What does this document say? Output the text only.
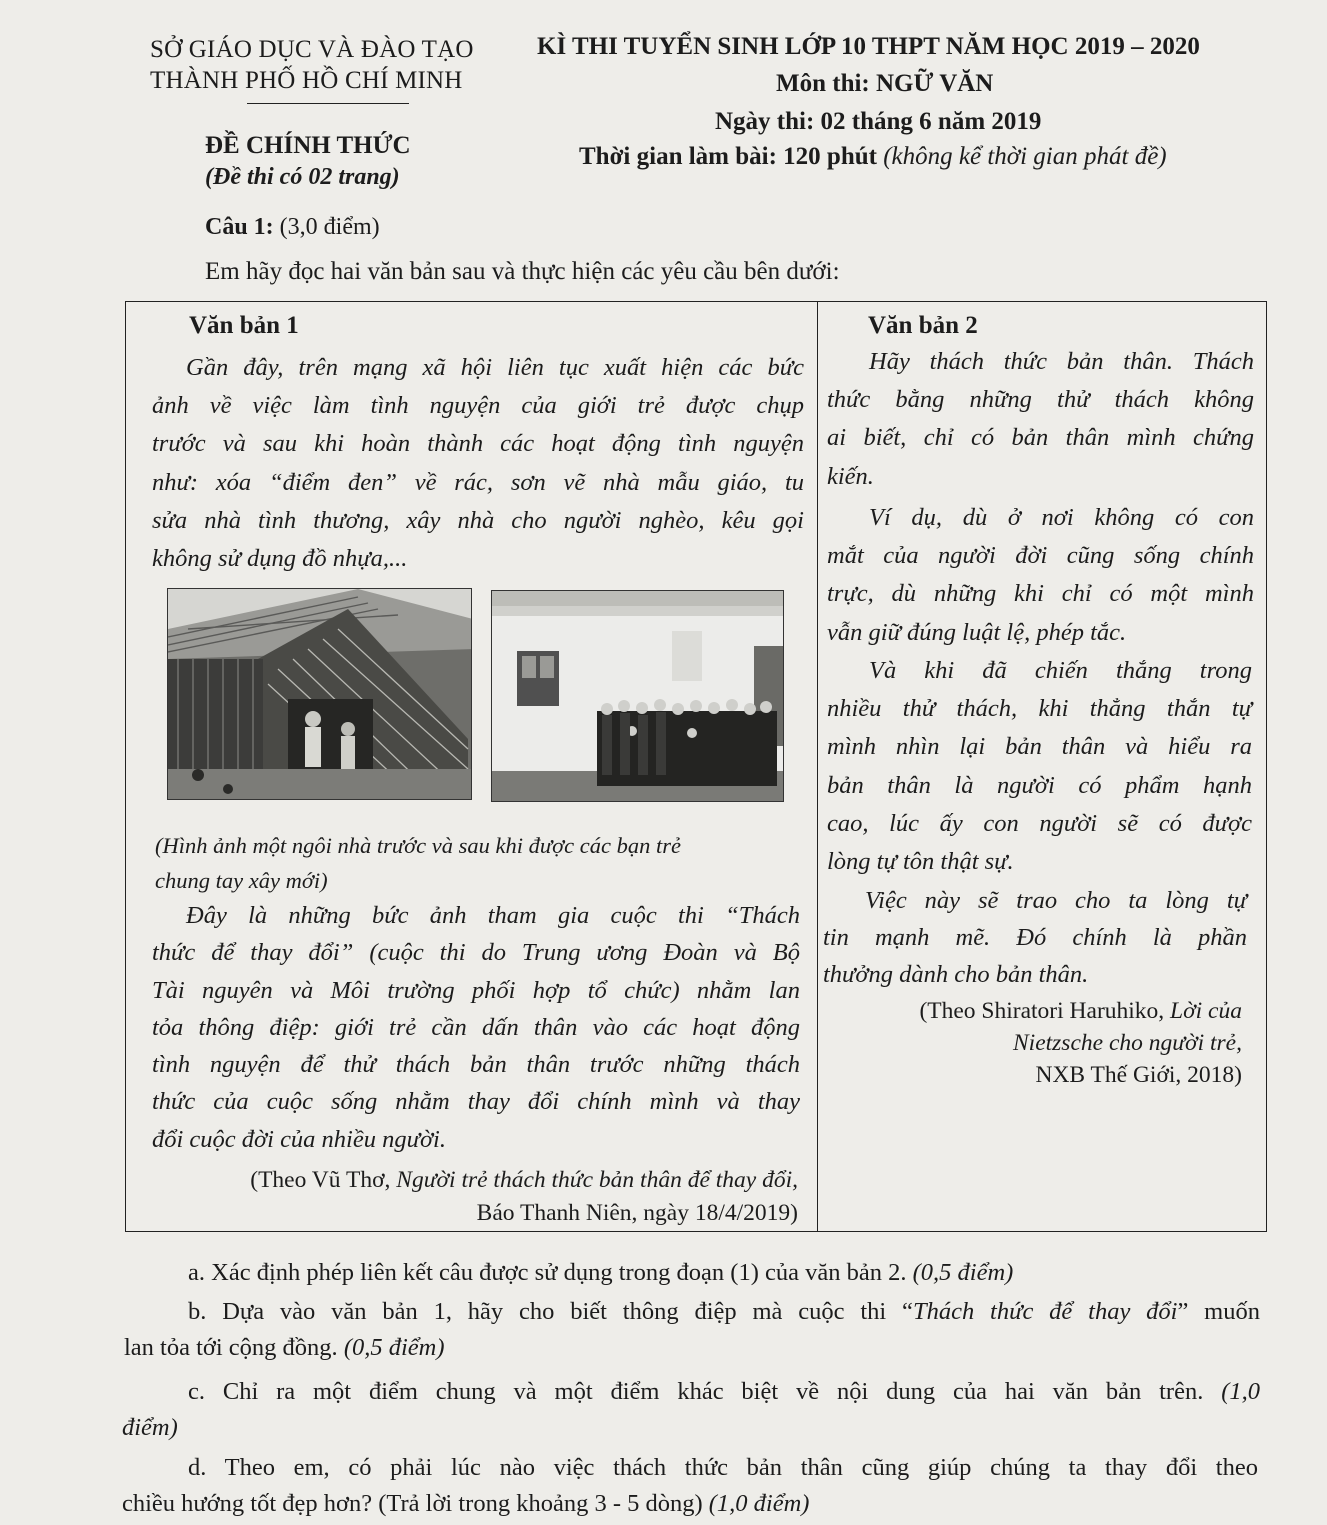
SỞ GIÁO DỤC VÀ ĐÀO TẠO
THÀNH PHỐ HỒ CHÍ MINH
ĐỀ CHÍNH THỨC
(Đề thi có 02 trang)
KÌ THI TUYỂN SINH LỚP 10 THPT NĂM HỌC 2019 – 2020
Môn thi: NGỮ VĂN
Ngày thi: 02 tháng 6 năm 2019
Thời gian làm bài: 120 phút (không kể thời gian phát đề)
Câu 1: (3,0 điểm)
Em hãy đọc hai văn bản sau và thực hiện các yêu cầu bên dưới:
Văn bản 1
Gần đây, trên mạng xã hội liên tục xuất hiện các bức
ảnh về việc làm tình nguyện của giới trẻ được chụp
trước và sau khi hoàn thành các hoạt động tình nguyện
như: xóa “điểm đen” về rác, sơn vẽ nhà mẫu giáo, tu
sửa nhà tình thương, xây nhà cho người nghèo, kêu gọi
không sử dụng đồ nhựa,...
(Hình ảnh một ngôi nhà trước và sau khi được các bạn trẻ
chung tay xây mới)
Đây là những bức ảnh tham gia cuộc thi “Thách
thức để thay đổi” (cuộc thi do Trung ương Đoàn và Bộ
Tài nguyên và Môi trường phối hợp tổ chức) nhằm lan
tỏa thông điệp: giới trẻ cần dấn thân vào các hoạt động
tình nguyện để thử thách bản thân trước những thách
thức của cuộc sống nhằm thay đổi chính mình và thay
đổi cuộc đời của nhiều người.
(Theo Vũ Thơ, Người trẻ thách thức bản thân để thay đổi,
Báo Thanh Niên, ngày 18/4/2019)
Văn bản 2
Hãy thách thức bản thân. Thách
thức bằng những thử thách không
ai biết, chỉ có bản thân mình chứng
kiến.
Ví dụ, dù ở nơi không có con
mắt của người đời cũng sống chính
trực, dù những khi chỉ có một mình
vẫn giữ đúng luật lệ, phép tắc.
Và khi đã chiến thắng trong
nhiều thử thách, khi thẳng thắn tự
mình nhìn lại bản thân và hiểu ra
bản thân là người có phẩm hạnh
cao, lúc ấy con người sẽ có được
lòng tự tôn thật sự.
Việc này sẽ trao cho ta lòng tự
tin mạnh mẽ. Đó chính là phần
thưởng dành cho bản thân.
(Theo Shiratori Haruhiko, Lời của
Nietzsche cho người trẻ,
NXB Thế Giới, 2018)
a. Xác định phép liên kết câu được sử dụng trong đoạn (1) của văn bản 2. (0,5 điểm)
b. Dựa vào văn bản 1, hãy cho biết thông điệp mà cuộc thi “Thách thức để thay đổi” muốn
lan tỏa tới cộng đồng. (0,5 điểm)
c. Chỉ ra một điểm chung và một điểm khác biệt về nội dung của hai văn bản trên. (1,0
điểm)
d. Theo em, có phải lúc nào việc thách thức bản thân cũng giúp chúng ta thay đổi theo
chiều hướng tốt đẹp hơn? (Trả lời trong khoảng 3 - 5 dòng) (1,0 điểm)
